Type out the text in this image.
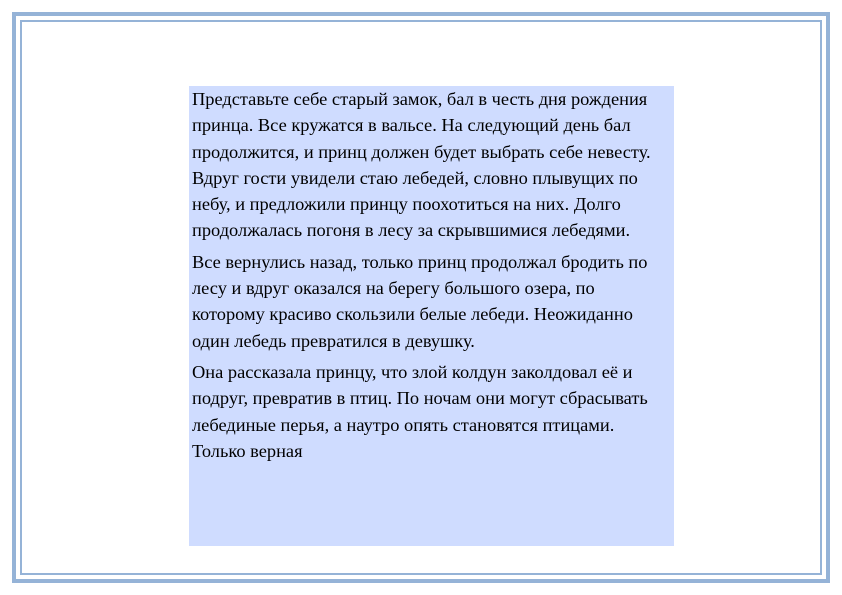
Представьте себе старый замок, бал в честь дня рождения принца. Все кружатся в вальсе. На следующий день бал продолжится, и принц должен будет выбрать себе невесту. Вдруг гости увидели стаю лебедей, словно плывущих по небу, и предложили принцу поохотиться на них. Долго продолжалась погоня в лесу за скрывшимися лебедями.

Все вернулись назад, только принц продолжал бродить по лесу и вдруг оказался на берегу большого озера, по которому красиво скользили белые лебеди. Неожиданно один лебедь превратился в девушку.

Она рассказала принцу, что злой колдун заколдовал её и подруг, превратив в птиц. По ночам они могут сбрасывать лебединые перья, а наутро опять становятся птицами. Только верная
